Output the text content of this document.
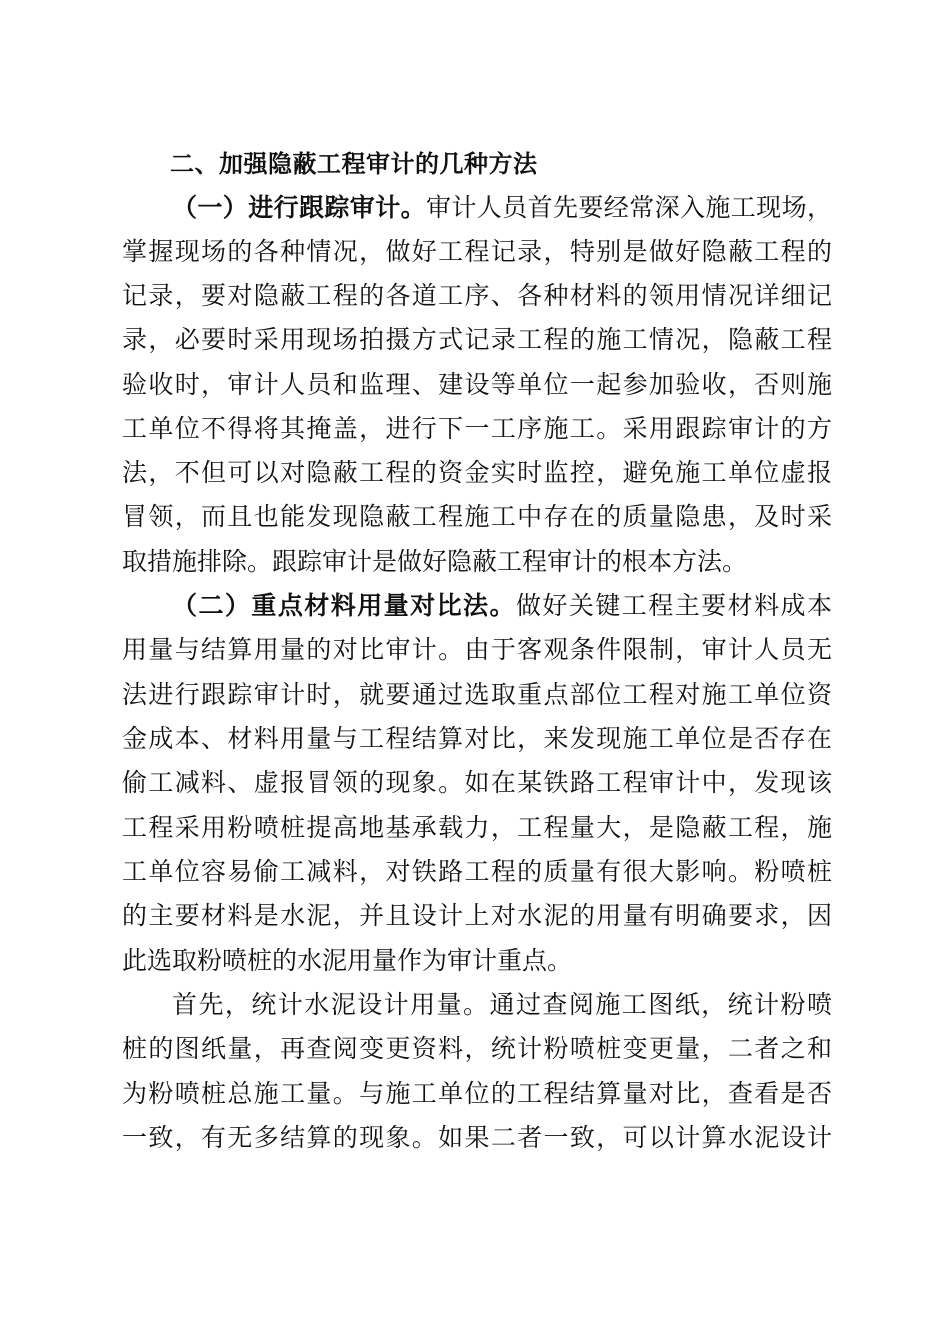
二、加强隐蔽工程审计的几种方法

（一）进行跟踪审计。审计人员首先要经常深入施工现场，

掌握现场的各种情况，做好工程记录，特别是做好隐蔽工程的

记录，要对隐蔽工程的各道工序、各种材料的领用情况详细记

录，必要时采用现场拍摄方式记录工程的施工情况，隐蔽工程

验收时，审计人员和监理、建设等单位一起参加验收，否则施

工单位不得将其掩盖，进行下一工序施工。采用跟踪审计的方

法，不但可以对隐蔽工程的资金实时监控，避免施工单位虚报

冒领，而且也能发现隐蔽工程施工中存在的质量隐患，及时采

取措施排除。跟踪审计是做好隐蔽工程审计的根本方法。

（二）重点材料用量对比法。做好关键工程主要材料成本

用量与结算用量的对比审计。由于客观条件限制，审计人员无

法进行跟踪审计时，就要通过选取重点部位工程对施工单位资

金成本、材料用量与工程结算对比，来发现施工单位是否存在

偷工减料、虚报冒领的现象。如在某铁路工程审计中，发现该

工程采用粉喷桩提高地基承载力，工程量大，是隐蔽工程，施

工单位容易偷工减料，对铁路工程的质量有很大影响。粉喷桩

的主要材料是水泥，并且设计上对水泥的用量有明确要求，因

此选取粉喷桩的水泥用量作为审计重点。

首先，统计水泥设计用量。通过查阅施工图纸，统计粉喷

桩的图纸量，再查阅变更资料，统计粉喷桩变更量，二者之和

为粉喷桩总施工量。与施工单位的工程结算量对比，查看是否

一致，有无多结算的现象。如果二者一致，可以计算水泥设计
